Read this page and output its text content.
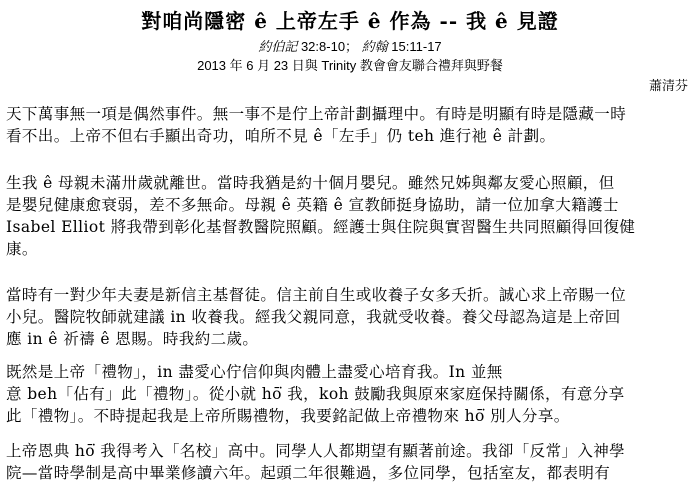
對咱尚隱密 ê 上帝左手 ê 作為 -- 我 ê 見證
約伯記 32:8-10； 約翰 15:11-17
2013 年 6 月 23 日與 Trinity 教會會友聯合禮拜與野餐
蕭清芬
天下萬事無一項是偶然事件。無一事不是佇上帝計劃攝理中。有時是明顯有時是隱藏一時
看不出。上帝不但右手顯出奇功，咱所不見 ê「左手」仍 teh 進行祂 ê 計劃。
生我 ê 母親未滿卅歲就離世。當時我猶是約十個月嬰兒。雖然兄姊與鄰友愛心照顧，但
是嬰兒健康愈衰弱，差不多無命。母親 ê 英籍 ê 宣教師挺身協助，請一位加拿大籍護士
Isabel Elliot 將我帶到彰化基督教醫院照顧。經護士與住院與實習醫生共同照顧得回復健
康。
當時有一對少年夫妻是新信主基督徒。信主前自生或收養子女多夭折。誠心求上帝賜一位
小兒。醫院牧師就建議 in 收養我。經我父親同意，我就受收養。養父母認為這是上帝回
應 in ê 祈禱 ê 恩賜。時我約二歲。
既然是上帝「禮物」，in 盡愛心佇信仰與肉體上盡愛心培育我。In 並無
意 beh「佔有」此「禮物」。從小就 hō͘ 我，koh 鼓勵我與原來家庭保持關係，有意分享
此「禮物」。不時提起我是上帝所賜禮物，我要銘記做上帝禮物來 hō͘ 別人分享。
上帝恩典 hō͘ 我得考入「名校」高中。同學人人都期望有顯著前途。我卻「反常」入神學
院—當時學制是高中畢業修讀六年。起頭二年很難過，多位同學，包括室友，都表明有
